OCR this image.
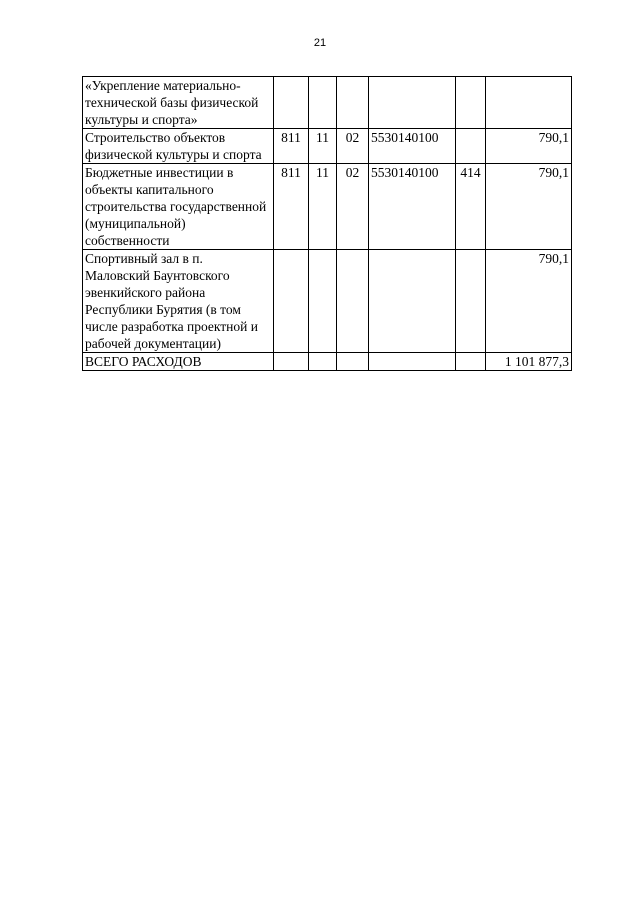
21
«Укрепление материально-технической базы физической культуры и спорта»						
Строительство объектов физической культуры и спорта	811	11	02	5530140100		790,1
Бюджетные инвестиции в объекты капитального строительства государственной (муниципальной) собственности	811	11	02	5530140100	414	790,1
Спортивный зал в п. Маловский Баунтовского эвенкийского района Республики Бурятия (в том числе разработка проектной и рабочей документации)						790,1
ВСЕГО РАСХОДОВ						1 101 877,3
